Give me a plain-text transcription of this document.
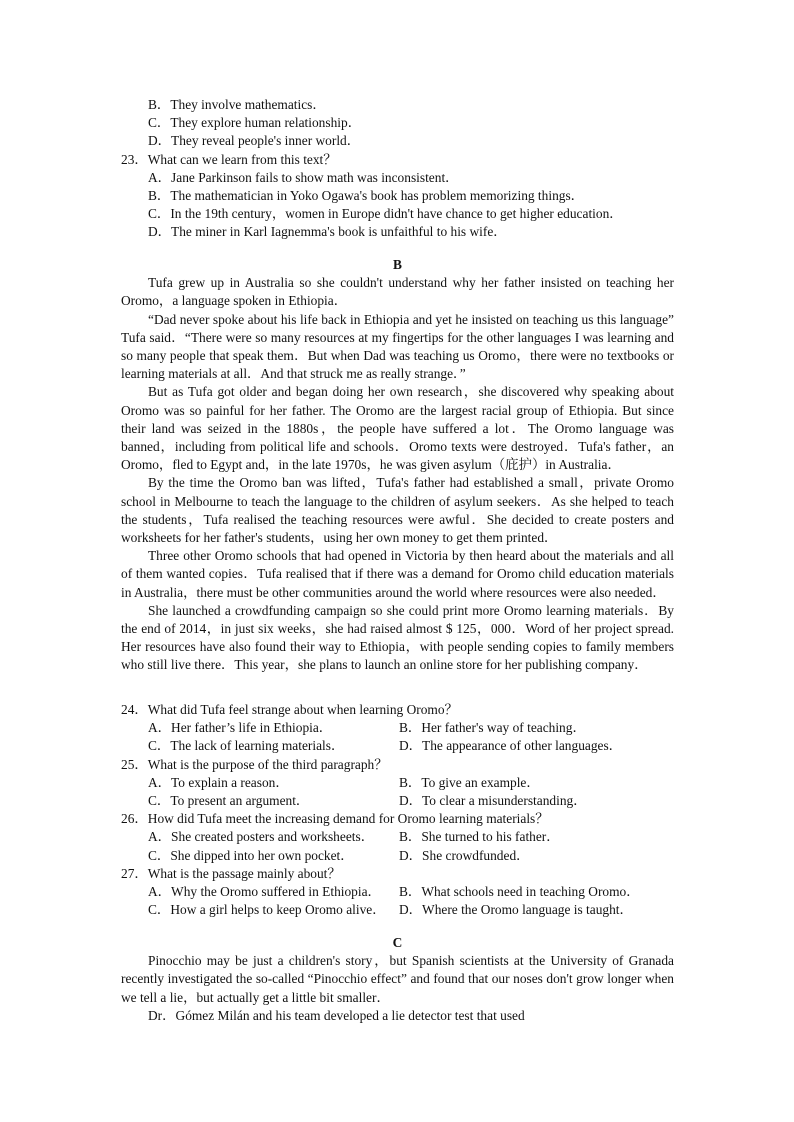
B．They involve mathematics．
C．They explore human relationship．
D．They reveal people's inner world．
23．What can we learn from this text？
A．Jane Parkinson fails to show math was inconsistent．
B．The mathematician in Yoko Ogawa's book has problem memorizing things．
C．In the 19th century，women in Europe didn't have chance to get higher education．
D．The miner in Karl Iagnemma's book is unfaithful to his wife．
B

Tufa grew up in Australia so she couldn't understand why her father insisted on teaching her Oromo，a language spoken in Ethiopia．

“Dad never spoke about his life back in Ethiopia and yet he insisted on teaching us this language” Tufa said．“There were so many resources at my fingertips for the other languages I was learning and so many people that speak them．But when Dad was teaching us Oromo，there were no textbooks or learning materials at all．And that struck me as really strange．”

But as Tufa got older and began doing her own research，she discovered why speaking about Oromo was so painful for her father. The Oromo are the largest racial group of Ethiopia. But since their land was seized in the 1880s，the people have suffered a lot．The Oromo language was banned，including from political life and schools．Oromo texts were destroyed．Tufa's father，an Oromo，fled to Egypt and，in the late 1970s，he was given asylum（庇护）in Australia．

By the time the Oromo ban was lifted，Tufa's father had established a small，private Oromo school in Melbourne to teach the language to the children of asylum seekers．As she helped to teach the students，Tufa realised the teaching resources were awful．She decided to create posters and worksheets for her father's students，using her own money to get them printed．

Three other Oromo schools that had opened in Victoria by then heard about the materials and all of them wanted copies．Tufa realised that if there was a demand for Oromo child education materials in Australia，there must be other communities around the world where resources were also needed．

She launched a crowdfunding campaign so she could print more Oromo learning materials．By the end of 2014，in just six weeks，she had raised almost $ 125，000．Word of her project spread. Her resources have also found their way to Ethiopia，with people sending copies to family members who still live there．This year，she plans to launch an online store for her publishing company．

24．What did Tufa feel strange about when learning Oromo？
A．Her father’s life in Ethiopia．	B．Her father's way of teaching．
C．The lack of learning materials．	D．The appearance of other languages．
25．What is the purpose of the third paragraph？
A．To explain a reason．	B．To give an example．
C．To present an argument．	D．To clear a misunderstanding．
26．How did Tufa meet the increasing demand for Oromo learning materials？
A．She created posters and worksheets．	B．She turned to his father．
C．She dipped into her own pocket．	D．She crowdfunded．
27．What is the passage mainly about？
A．Why the Oromo suffered in Ethiopia．	B．What schools need in teaching Oromo．
C．How a girl helps to keep Oromo alive． D．Where the Oromo language is taught．
C

Pinocchio may be just a children's story，but Spanish scientists at the University of Granada recently investigated the so-called “Pinocchio effect” and found that our noses don't grow longer when we tell a lie，but actually get a little bit smaller．

Dr．Gómez Milán and his team developed a lie detector test that used
